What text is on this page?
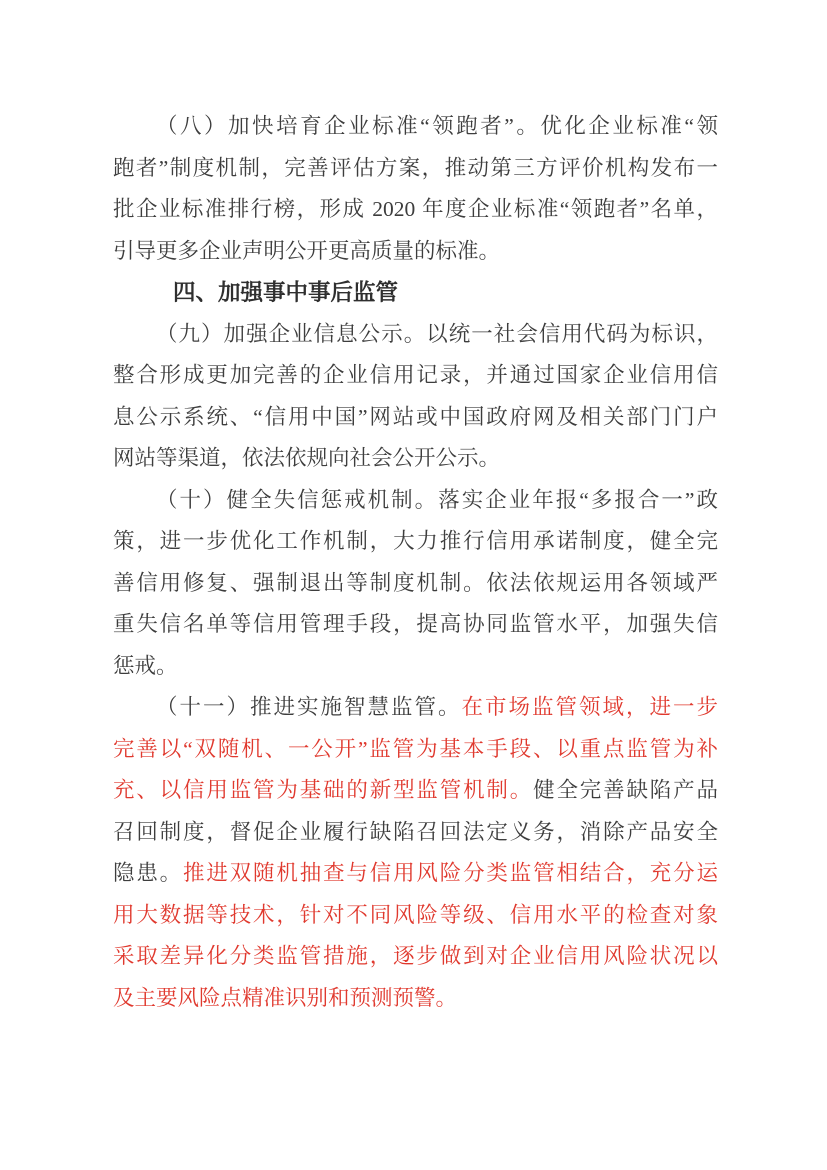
（八）加快培育企业标准“领跑者”。优化企业标准“领
跑者”制度机制，完善评估方案，推动第三方评价机构发布一
批企业标准排行榜，形成 2020 年度企业标准“领跑者”名单，
引导更多企业声明公开更高质量的标准。
四、加强事中事后监管
（九）加强企业信息公示。以统一社会信用代码为标识，
整合形成更加完善的企业信用记录，并通过国家企业信用信
息公示系统、“信用中国”网站或中国政府网及相关部门门户
网站等渠道，依法依规向社会公开公示。
（十）健全失信惩戒机制。落实企业年报“多报合一”政
策，进一步优化工作机制，大力推行信用承诺制度，健全完
善信用修复、强制退出等制度机制。依法依规运用各领域严
重失信名单等信用管理手段，提高协同监管水平，加强失信
惩戒。
（十一）推进实施智慧监管。在市场监管领域，进一步
完善以“双随机、一公开”监管为基本手段、以重点监管为补
充、以信用监管为基础的新型监管机制。健全完善缺陷产品
召回制度，督促企业履行缺陷召回法定义务，消除产品安全
隐患。推进双随机抽查与信用风险分类监管相结合，充分运
用大数据等技术，针对不同风险等级、信用水平的检查对象
采取差异化分类监管措施，逐步做到对企业信用风险状况以
及主要风险点精准识别和预测预警。
